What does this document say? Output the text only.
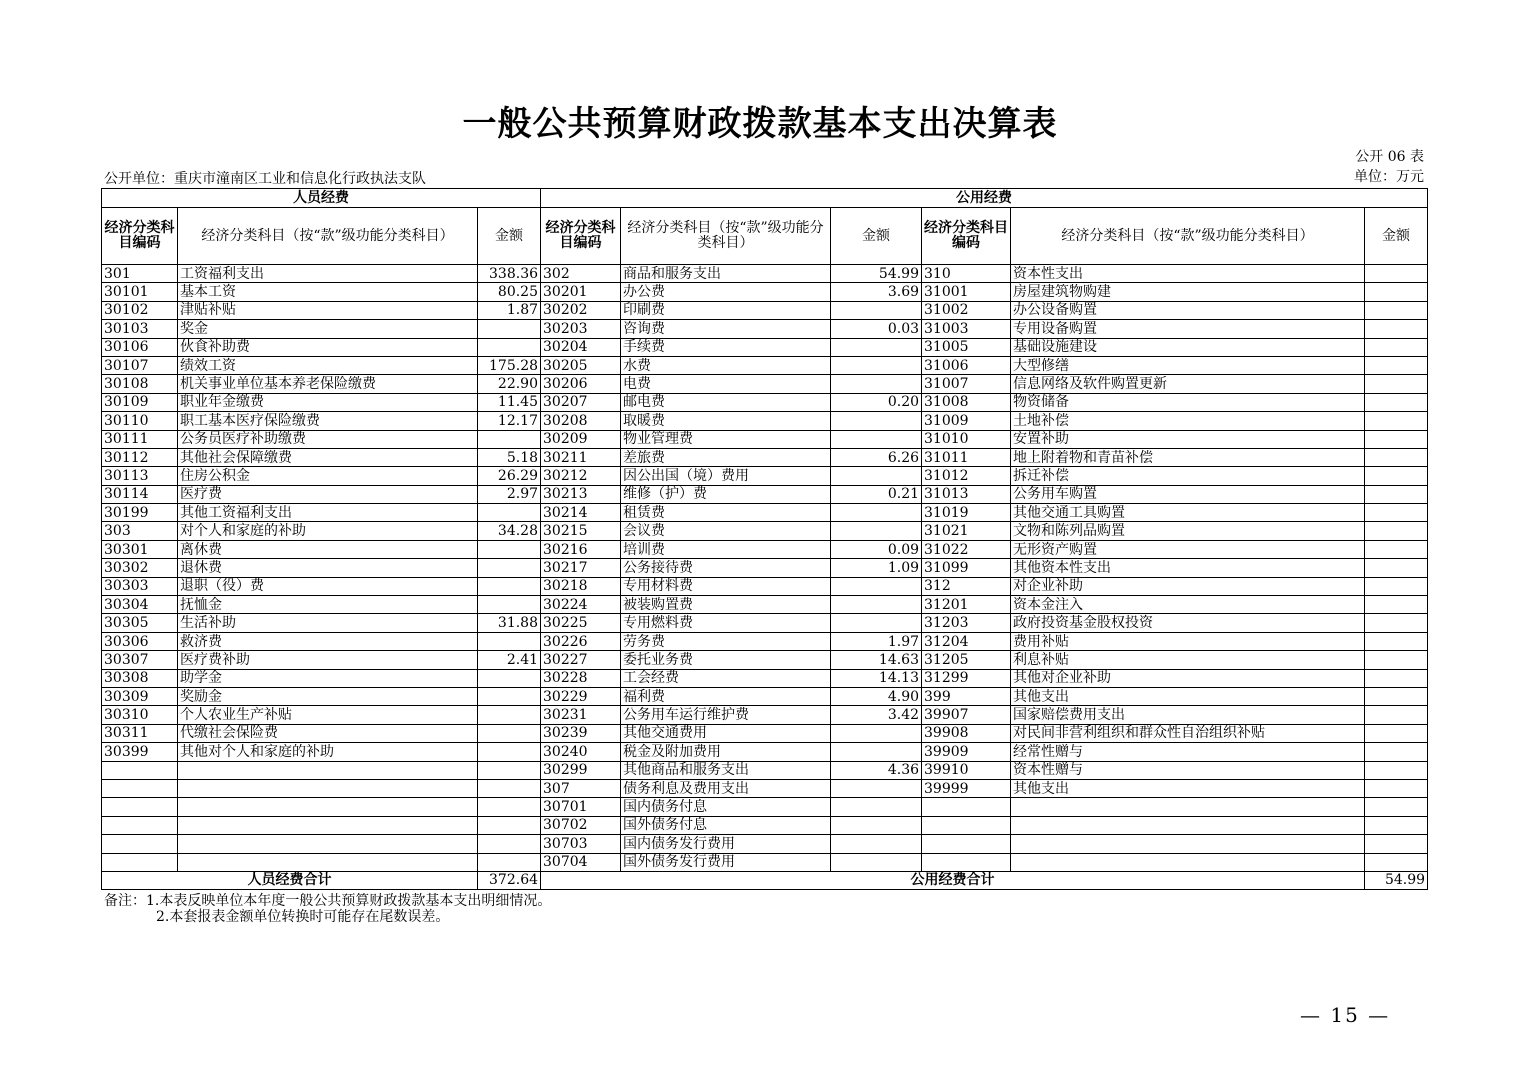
一般公共预算财政拨款基本支出决算表
公开 06 表
公开单位：重庆市潼南区工业和信息化行政执法支队	单位：万元
人员经费			公用经费					
经济分类科目编码	经济分类科目（按“款”级功能分类科目）	金额	经济分类科目编码	经济分类科目（按“款”级功能分类科目）	金额	经济分类科目编码	经济分类科目（按“款”级功能分类科目）	金额
301	工资福利支出	338.36	302	商品和服务支出	54.99	310	资本性支出	
30101	基本工资	80.25	30201	办公费	3.69	31001	房屋建筑物购建	
30102	津贴补贴	1.87	30202	印刷费		31002	办公设备购置	
30103	奖金		30203	咨询费	0.03	31003	专用设备购置	
30106	伙食补助费		30204	手续费		31005	基础设施建设	
30107	绩效工资	175.28	30205	水费		31006	大型修缮	
30108	机关事业单位基本养老保险缴费	22.90	30206	电费		31007	信息网络及软件购置更新	
30109	职业年金缴费	11.45	30207	邮电费	0.20	31008	物资储备	
30110	职工基本医疗保险缴费	12.17	30208	取暖费		31009	土地补偿	
30111	公务员医疗补助缴费		30209	物业管理费		31010	安置补助	
30112	其他社会保障缴费	5.18	30211	差旅费	6.26	31011	地上附着物和青苗补偿	
30113	住房公积金	26.29	30212	因公出国（境）费用		31012	拆迁补偿	
30114	医疗费	2.97	30213	维修（护）费	0.21	31013	公务用车购置	
30199	其他工资福利支出		30214	租赁费		31019	其他交通工具购置	
303	对个人和家庭的补助	34.28	30215	会议费		31021	文物和陈列品购置	
30301	离休费		30216	培训费	0.09	31022	无形资产购置	
30302	退休费		30217	公务接待费	1.09	31099	其他资本性支出	
30303	退职（役）费		30218	专用材料费		312	对企业补助	
30304	抚恤金		30224	被装购置费		31201	资本金注入	
30305	生活补助	31.88	30225	专用燃料费		31203	政府投资基金股权投资	
30306	救济费		30226	劳务费	1.97	31204	费用补贴	
30307	医疗费补助	2.41	30227	委托业务费	14.63	31205	利息补贴	
30308	助学金		30228	工会经费	14.13	31299	其他对企业补助	
30309	奖励金		30229	福利费	4.90	399	其他支出	
30310	个人农业生产补贴		30231	公务用车运行维护费	3.42	39907	国家赔偿费用支出	
30311	代缴社会保险费		30239	其他交通费用		39908	对民间非营利组织和群众性自治组织补贴	
30399	其他对个人和家庭的补助		30240	税金及附加费用		39909	经常性赠与	
			30299	其他商品和服务支出	4.36	39910	资本性赠与	
			307	债务利息及费用支出		39999	其他支出	
			30701	国内债务付息				
			30702	国外债务付息				
			30703	国内债务发行费用				
			30704	国外债务发行费用				
人员经费合计		372.64	公用经费合计					54.99
备注：1.本表反映单位本年度一般公共预算财政拨款基本支出明细情况。
2.本套报表金额单位转换时可能存在尾数误差。
— 15 —
